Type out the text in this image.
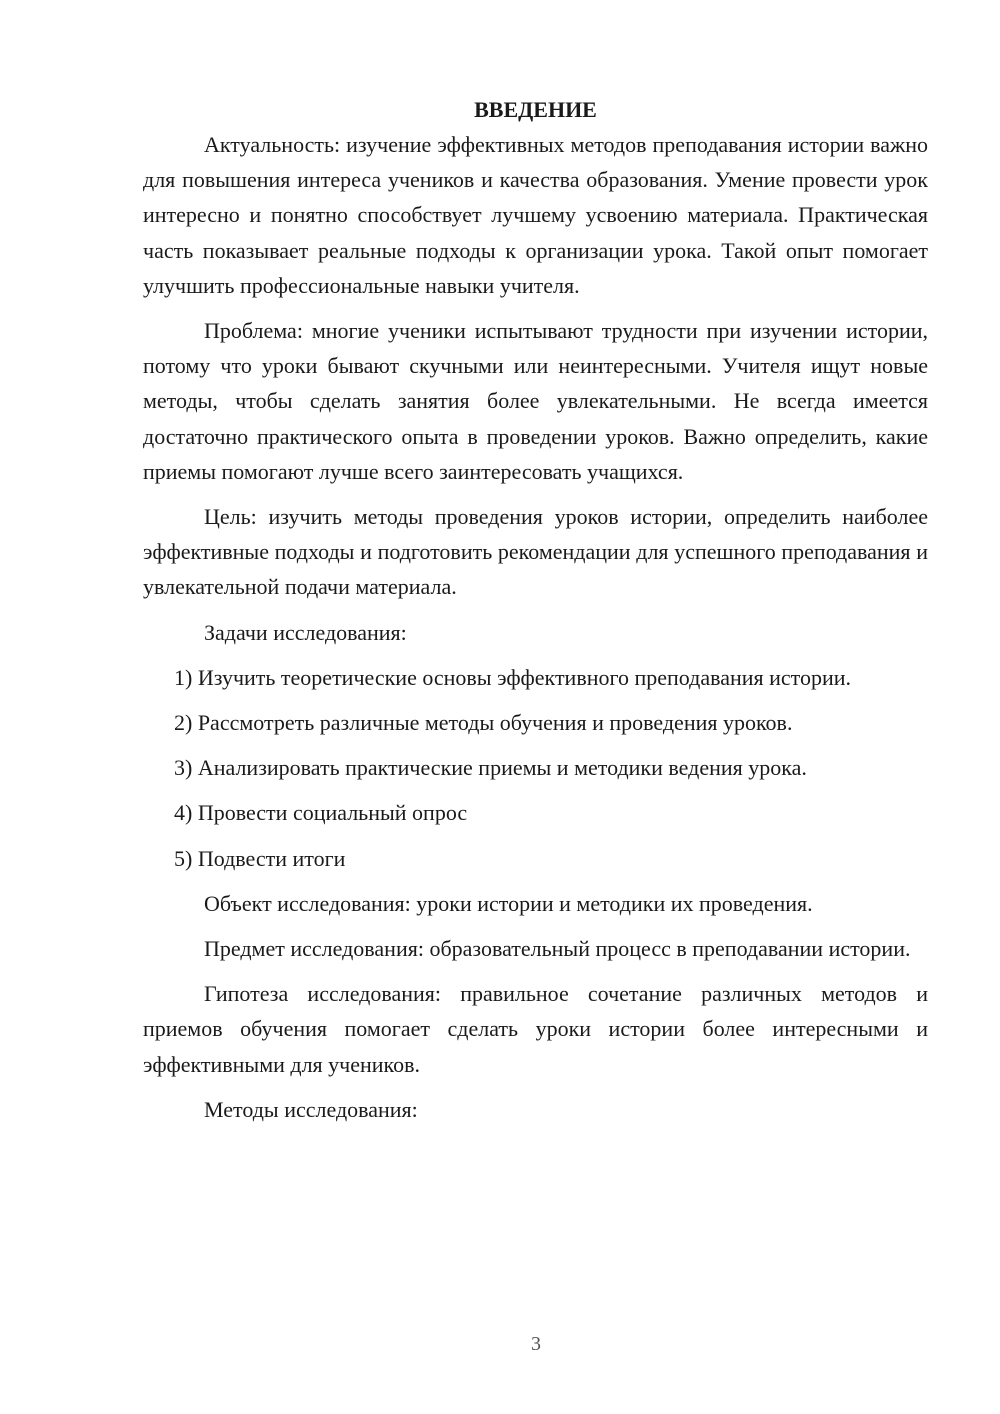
ВВЕДЕНИЕ

Актуальность: изучение эффективных методов преподавания истории важно для повышения интереса учеников и качества образования. Умение провести урок интересно и понятно способствует лучшему усвоению материала. Практическая часть показывает реальные подходы к организации урока. Такой опыт помогает улучшить профессиональные навыки учителя.

Проблема: многие ученики испытывают трудности при изучении истории, потому что уроки бывают скучными или неинтересными. Учителя ищут новые методы, чтобы сделать занятия более увлекательными. Не всегда имеется достаточно практического опыта в проведении уроков. Важно определить, какие приемы помогают лучше всего заинтересовать учащихся.

Цель: изучить методы проведения уроков истории, определить наиболее эффективные подходы и подготовить рекомендации для успешного преподавания и увлекательной подачи материала.

Задачи исследования:

1) Изучить теоретические основы эффективного преподавания истории.

2) Рассмотреть различные методы обучения и проведения уроков.

3) Анализировать практические приемы и методики ведения урока.

4) Провести социальный опрос

5) Подвести итоги

Объект исследования: уроки истории и методики их проведения.

Предмет исследования: образовательный процесс в преподавании истории.

Гипотеза исследования: правильное сочетание различных методов и приемов обучения помогает сделать уроки истории более интересными и эффективными для учеников.

Методы исследования:

3
